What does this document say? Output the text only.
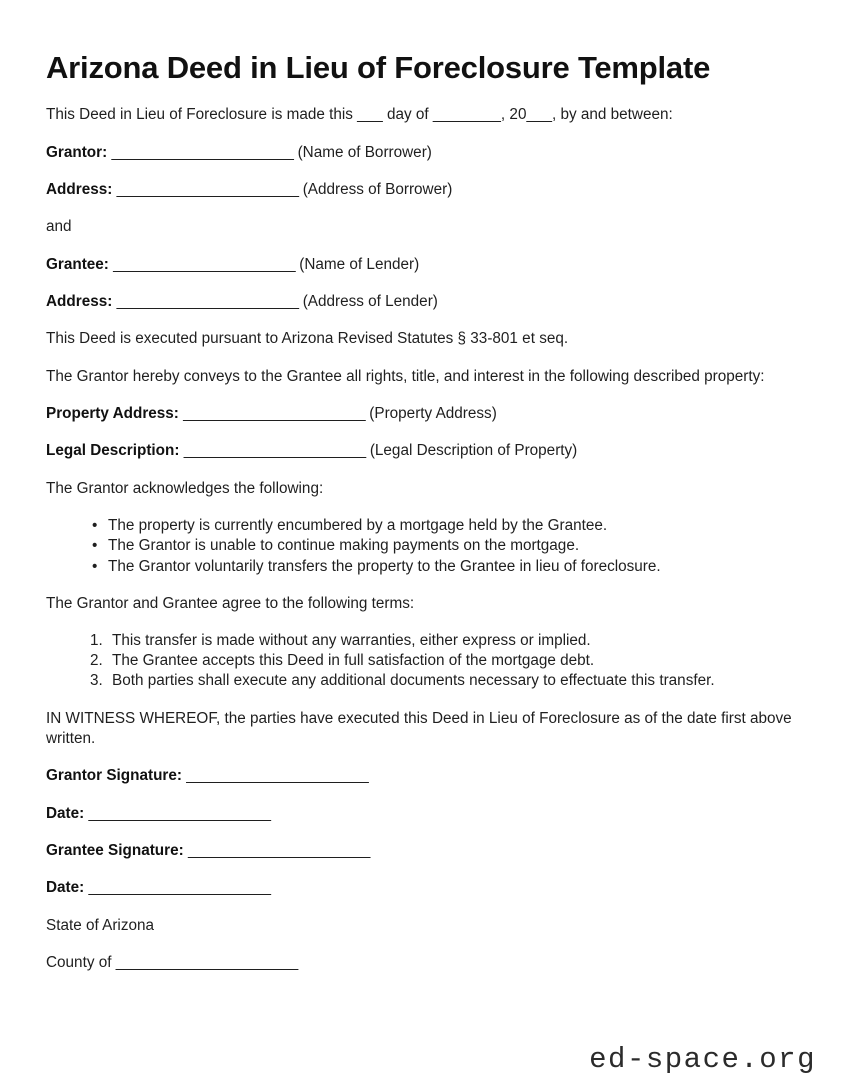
Arizona Deed in Lieu of Foreclosure Template

This Deed in Lieu of Foreclosure is made this ___ day of ________, 20___, by and between:

Grantor: _______________________ (Name of Borrower)

Address: _______________________ (Address of Borrower)

and

Grantee: _______________________ (Name of Lender)

Address: _______________________ (Address of Lender)

This Deed is executed pursuant to Arizona Revised Statutes § 33-801 et seq.

The Grantor hereby conveys to the Grantee all rights, title, and interest in the following described property:

Property Address: _______________________ (Property Address)

Legal Description: _______________________ (Legal Description of Property)

The Grantor acknowledges the following:

• The property is currently encumbered by a mortgage held by the Grantee.
• The Grantor is unable to continue making payments on the mortgage.
• The Grantor voluntarily transfers the property to the Grantee in lieu of foreclosure.

The Grantor and Grantee agree to the following terms:

This transfer is made without any warranties, either express or implied.
The Grantee accepts this Deed in full satisfaction of the mortgage debt.
Both parties shall execute any additional documents necessary to effectuate this transfer.

IN WITNESS WHEREOF, the parties have executed this Deed in Lieu of Foreclosure as of the date first above written.

Grantor Signature: _______________________

Date: _______________________

Grantee Signature: _______________________

Date: _______________________

State of Arizona

County of _______________________

ed-space.org
